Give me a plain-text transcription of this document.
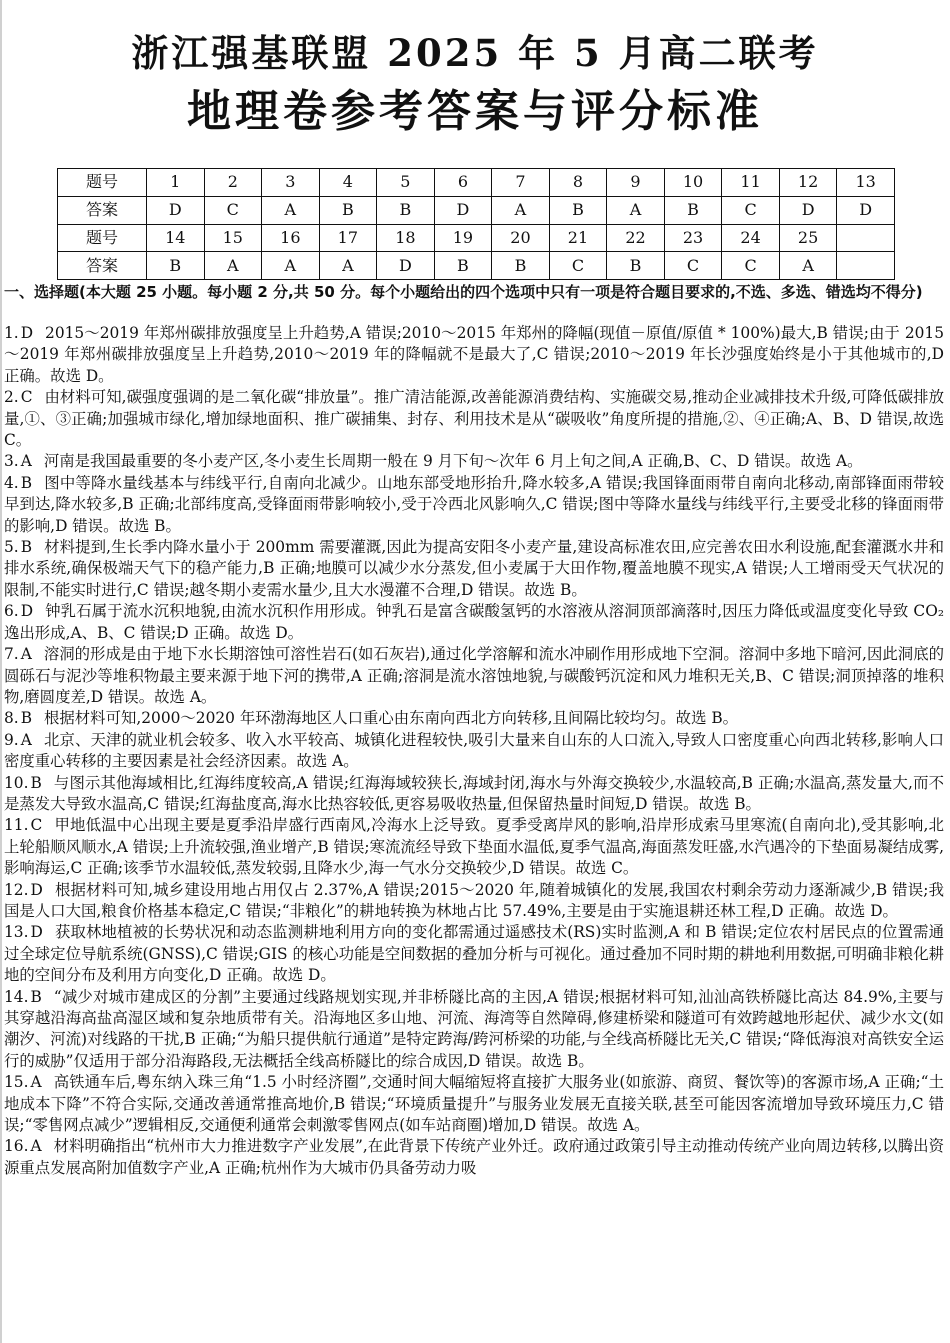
浙江强基联盟 2025 年 5 月高二联考
地理卷参考答案与评分标准
题号	1	2	3	4	5	6	7	8	9	10	11	12	13
答案	D	C	A	B	B	D	A	B	A	B	C	D	D
题号	14	15	16	17	18	19	20	21	22	23	24	25	
答案	B	A	A	A	D	B	B	C	B	C	C	A	
一、选择题(本大题 25 小题。每小题 2 分,共 50 分。每个小题给出的四个选项中只有一项是符合题目要求的,不选、多选、错选均不得分)

1. D 2015～2019 年郑州碳排放强度呈上升趋势,A 错误;2010～2015 年郑州的降幅(现值－原值/原值 * 100%)最大,B 错误;由于 2015～2019 年郑州碳排放强度呈上升趋势,2010～2019 年的降幅就不是最大了,C 错误;2010～2019 年长沙强度始终是小于其他城市的,D 正确。故选 D。

2. C 由材料可知,碳强度强调的是二氧化碳“排放量”。推广清洁能源,改善能源消费结构、实施碳交易,推动企业减排技术升级,可降低碳排放量,①、③正确;加强城市绿化,增加绿地面积、推广碳捕集、封存、利用技术是从“碳吸收”角度所提的措施,②、④正确;A、B、D 错误,故选 C。

3. A 河南是我国最重要的冬小麦产区,冬小麦生长周期一般在 9 月下旬～次年 6 月上旬之间,A 正确,B、C、D 错误。故选 A。

4. B 图中等降水量线基本与纬线平行,自南向北减少。山地东部受地形抬升,降水较多,A 错误;我国锋面雨带自南向北移动,南部锋面雨带较早到达,降水较多,B 正确;北部纬度高,受锋面雨带影响较小,受于冷西北风影响久,C 错误;图中等降水量线与纬线平行,主要受北移的锋面雨带的影响,D 错误。故选 B。

5. B 材料提到,生长季内降水量小于 200mm 需要灌溉,因此为提高安阳冬小麦产量,建设高标准农田,应完善农田水利设施,配套灌溉水井和排水系统,确保极端天气下的稳产能力,B 正确;地膜可以减少水分蒸发,但小麦属于大田作物,覆盖地膜不现实,A 错误;人工增雨受天气状况的限制,不能实时进行,C 错误;越冬期小麦需水量少,且大水漫灌不合理,D 错误。故选 B。

6. D 钟乳石属于流水沉积地貌,由流水沉积作用形成。钟乳石是富含碳酸氢钙的水溶液从溶洞顶部滴落时,因压力降低或温度变化导致 CO₂ 逸出形成,A、B、C 错误;D 正确。故选 D。

7. A 溶洞的形成是由于地下水长期溶蚀可溶性岩石(如石灰岩),通过化学溶解和流水冲刷作用形成地下空洞。溶洞中多地下暗河,因此洞底的圆砾石与泥沙等堆积物最主要来源于地下河的携带,A 正确;溶洞是流水溶蚀地貌,与碳酸钙沉淀和风力堆积无关,B、C 错误;洞顶掉落的堆积物,磨圆度差,D 错误。故选 A。

8. B 根据材料可知,2000～2020 年环渤海地区人口重心由东南向西北方向转移,且间隔比较均匀。故选 B。

9. A 北京、天津的就业机会较多、收入水平较高、城镇化进程较快,吸引大量来自山东的人口流入,导致人口密度重心向西北转移,影响人口密度重心转移的主要因素是社会经济因素。故选 A。

10. B 与图示其他海域相比,红海纬度较高,A 错误;红海海域较狭长,海域封闭,海水与外海交换较少,水温较高,B 正确;水温高,蒸发量大,而不是蒸发大导致水温高,C 错误;红海盐度高,海水比热容较低,更容易吸收热量,但保留热量时间短,D 错误。故选 B。

11. C 甲地低温中心出现主要是夏季沿岸盛行西南风,冷海水上泛导致。夏季受离岸风的影响,沿岸形成索马里寒流(自南向北),受其影响,北上轮船顺风顺水,A 错误;上升流较强,渔业增产,B 错误;寒流流经导致下垫面水温低,夏季气温高,海面蒸发旺盛,水汽遇冷的下垫面易凝结成雾,影响海运,C 正确;该季节水温较低,蒸发较弱,且降水少,海一气水分交换较少,D 错误。故选 C。

12. D 根据材料可知,城乡建设用地占用仅占 2.37%,A 错误;2015～2020 年,随着城镇化的发展,我国农村剩余劳动力逐渐减少,B 错误;我国是人口大国,粮食价格基本稳定,C 错误;“非粮化”的耕地转换为林地占比 57.49%,主要是由于实施退耕还林工程,D 正确。故选 D。

13. D 获取林地植被的长势状况和动态监测耕地利用方向的变化都需通过遥感技术(RS)实时监测,A 和 B 错误;定位农村居民点的位置需通过全球定位导航系统(GNSS),C 错误;GIS 的核心功能是空间数据的叠加分析与可视化。通过叠加不同时期的耕地利用数据,可明确非粮化耕地的空间分布及利用方向变化,D 正确。故选 D。

14. B “减少对城市建成区的分割”主要通过线路规划实现,并非桥隧比高的主因,A 错误;根据材料可知,汕汕高铁桥隧比高达 84.9%,主要与其穿越沿海高盐高湿区域和复杂地质带有关。沿海地区多山地、河流、海湾等自然障碍,修建桥梁和隧道可有效跨越地形起伏、减少水文(如潮汐、河流)对线路的干扰,B 正确;“为船只提供航行通道”是特定跨海/跨河桥梁的功能,与全线高桥隧比无关,C 错误;“降低海浪对高铁安全运行的威胁”仅适用于部分沿海路段,无法概括全线高桥隧比的综合成因,D 错误。故选 B。

15. A 高铁通车后,粤东纳入珠三角“1.5 小时经济圈”,交通时间大幅缩短将直接扩大服务业(如旅游、商贸、餐饮等)的客源市场,A 正确;“土地成本下降”不符合实际,交通改善通常推高地价,B 错误;“环境质量提升”与服务业发展无直接关联,甚至可能因客流增加导致环境压力,C 错误;“零售网点减少”逻辑相反,交通便利通常会刺激零售网点(如车站商圈)增加,D 错误。故选 A。

16. A 材料明确指出“杭州市大力推进数字产业发展”,在此背景下传统产业外迁。政府通过政策引导主动推动传统产业向周边转移,以腾出资源重点发展高附加值数字产业,A 正确;杭州作为大城市仍具备劳动力吸
